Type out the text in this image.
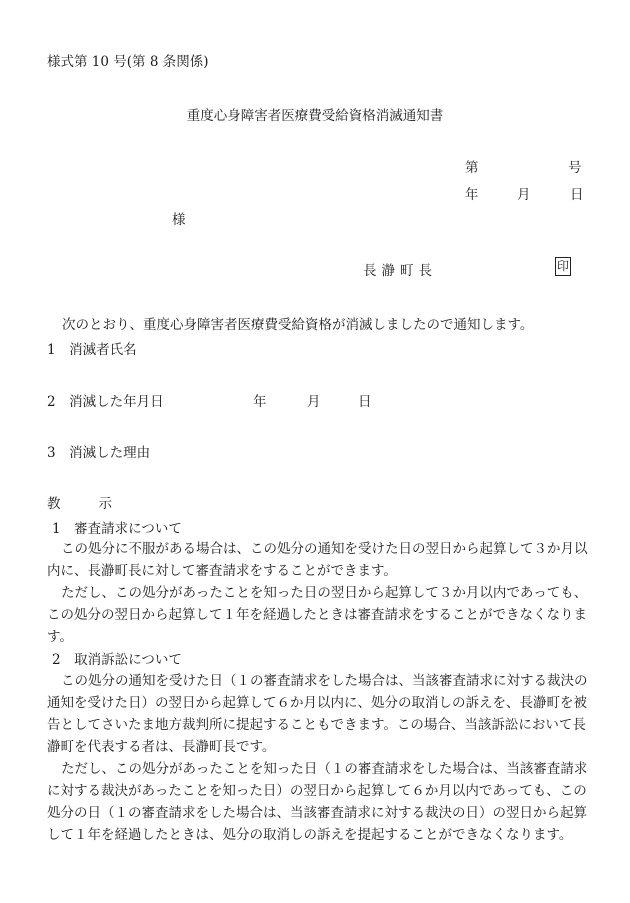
様式第 10 号(第 8 条関係)
重度心身障害者医療費受給資格消滅通知書
第	号
年	月	日
様
長瀞町長	印
次のとおり、重度心身障害者医療費受給資格が消滅しましたので通知します。
1　消滅者氏名
2　消滅した年月日	年	月	日
3　消滅した理由
教	示
1　審査請求について
この処分に不服がある場合は、この処分の通知を受けた日の翌日から起算して３か月以
内に、長瀞町長に対して審査請求をすることができます。
ただし、この処分があったことを知った日の翌日から起算して３か月以内であっても、
この処分の翌日から起算して１年を経過したときは審査請求をすることができなくなりま
す。
2　取消訴訟について
この処分の通知を受けた日（１の審査請求をした場合は、当該審査請求に対する裁決の
通知を受けた日）の翌日から起算して６か月以内に、処分の取消しの訴えを、長瀞町を被
告としてさいたま地方裁判所に提起することもできます。この場合、当該訴訟において長
瀞町を代表する者は、長瀞町長です。
ただし、この処分があったことを知った日（１の審査請求をした場合は、当該審査請求
に対する裁決があったことを知った日）の翌日から起算して６か月以内であっても、この
処分の日（１の審査請求をした場合は、当該審査請求に対する裁決の日）の翌日から起算
して１年を経過したときは、処分の取消しの訴えを提起することができなくなります。
